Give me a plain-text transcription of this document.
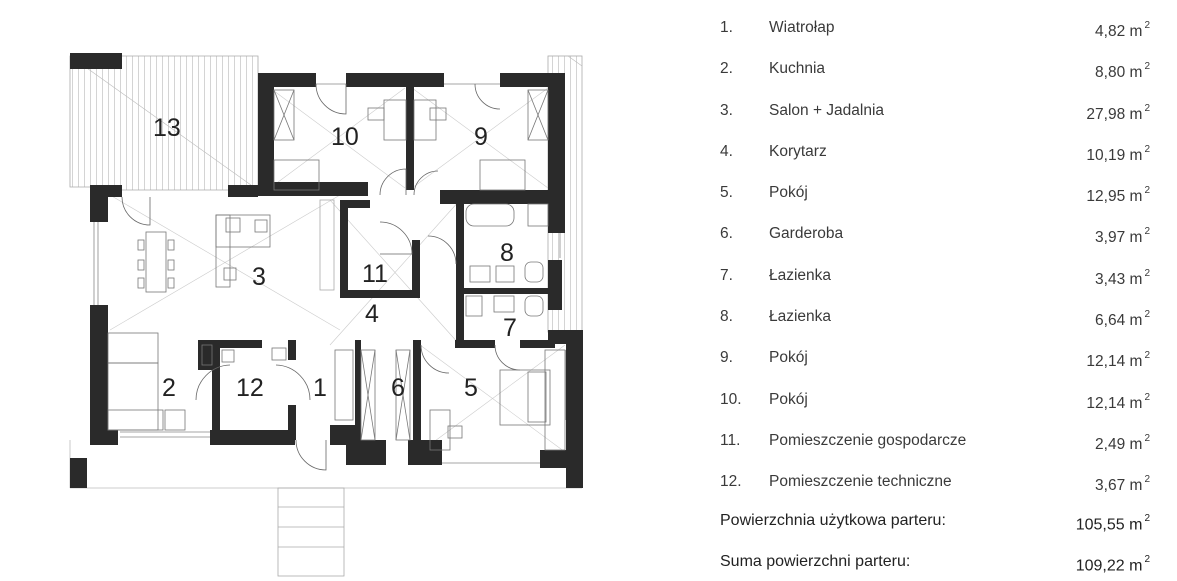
13	10	9
3	11
8
4	7
2 12 1	6 5
1. Wiatrołap	4,82 m $^2$
2. Kuchnia	8,80 m $^2$
3. Salon + Jadalnia	27,98 m $^2$
4. Korytarz	10,19 m $^2$
5. Pokój	12,95 m $^2$
6. Garderoba	3,97 m $^2$
7. Łazienka	3,43 m $^2$
8. Łazienka	6,64 m $^2$
9. Pokój	12,14 m $^2$
10. Pokój	12,14 m $^2$
11. Pomieszczenie gospodarcze	2,49 m $^2$
12. Pomieszczenie techniczne	3,67 m $^2$
Powierzchnia użytkowa parteru:	105,55 m $^2$
Suma powierzchni parteru:	109,22 m $^2$
